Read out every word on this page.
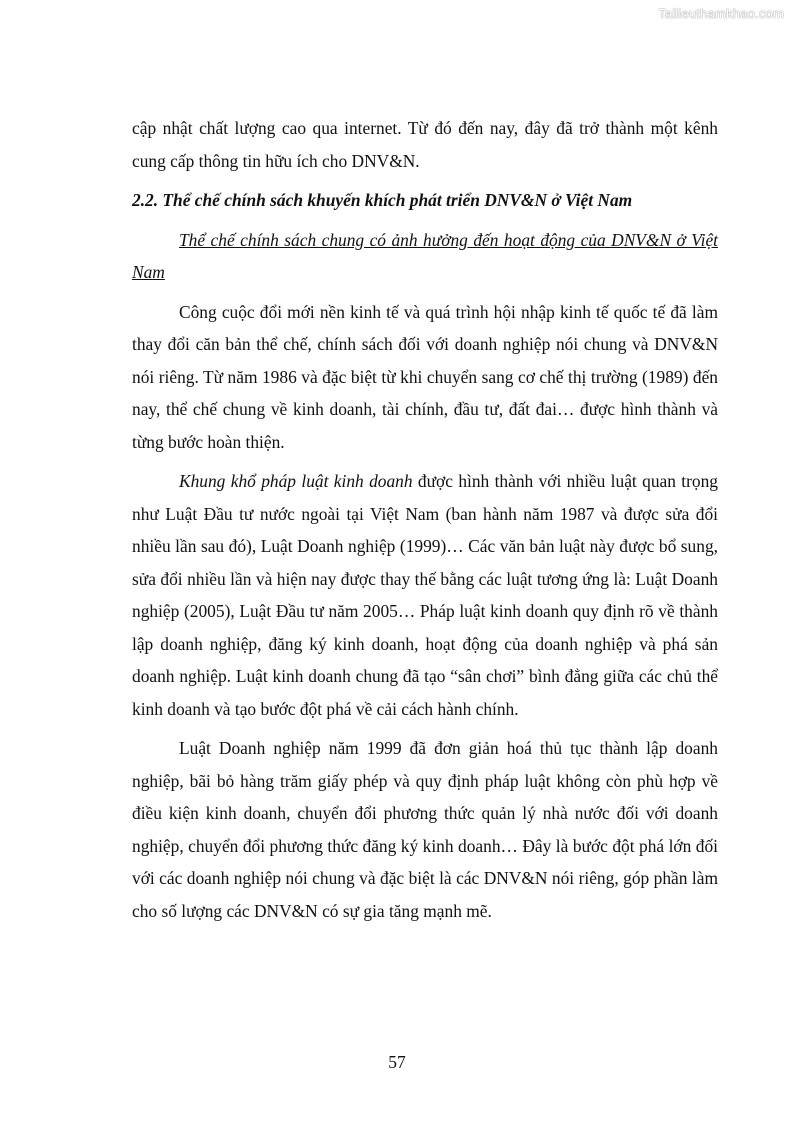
Tailieuthamkhao.com

cập nhật chất lượng cao qua internet. Từ đó đến nay, đây đã trở thành một kênh cung cấp thông tin hữu ích cho DNV&N.

2.2. Thể chế chính sách khuyến khích phát triển DNV&N ở Việt Nam

Thể chế chính sách chung có ảnh hưởng đến hoạt động của DNV&N ở Việt Nam

Công cuộc đổi mới nền kinh tế và quá trình hội nhập kinh tế quốc tế đã làm thay đổi căn bản thể chế, chính sách đối với doanh nghiệp nói chung và DNV&N nói riêng. Từ năm 1986 và đặc biệt từ khi chuyển sang cơ chế thị trường (1989) đến nay, thể chế chung về kinh doanh, tài chính, đầu tư, đất đai… được hình thành và từng bước hoàn thiện.

Khung khổ pháp luật kinh doanh được hình thành với nhiều luật quan trọng như Luật Đầu tư nước ngoài tại Việt Nam (ban hành năm 1987 và được sửa đổi nhiều lần sau đó), Luật Doanh nghiệp (1999)… Các văn bản luật này được bổ sung, sửa đổi nhiều lần và hiện nay được thay thế bằng các luật tương ứng là: Luật Doanh nghiệp (2005), Luật Đầu tư năm 2005… Pháp luật kinh doanh quy định rõ về thành lập doanh nghiệp, đăng ký kinh doanh, hoạt động của doanh nghiệp và phá sản doanh nghiệp. Luật kinh doanh chung đã tạo “sân chơi” bình đẳng giữa các chủ thể kinh doanh và tạo bước đột phá về cải cách hành chính.

Luật Doanh nghiệp năm 1999 đã đơn giản hoá thủ tục thành lập doanh nghiệp, bãi bỏ hàng trăm giấy phép và quy định pháp luật không còn phù hợp về điều kiện kinh doanh, chuyển đổi phương thức quản lý nhà nước đối với doanh nghiệp, chuyển đổi phương thức đăng ký kinh doanh… Đây là bước đột phá lớn đối với các doanh nghiệp nói chung và đặc biệt là các DNV&N nói riêng, góp phần làm cho số lượng các DNV&N có sự gia tăng mạnh mẽ.

57
